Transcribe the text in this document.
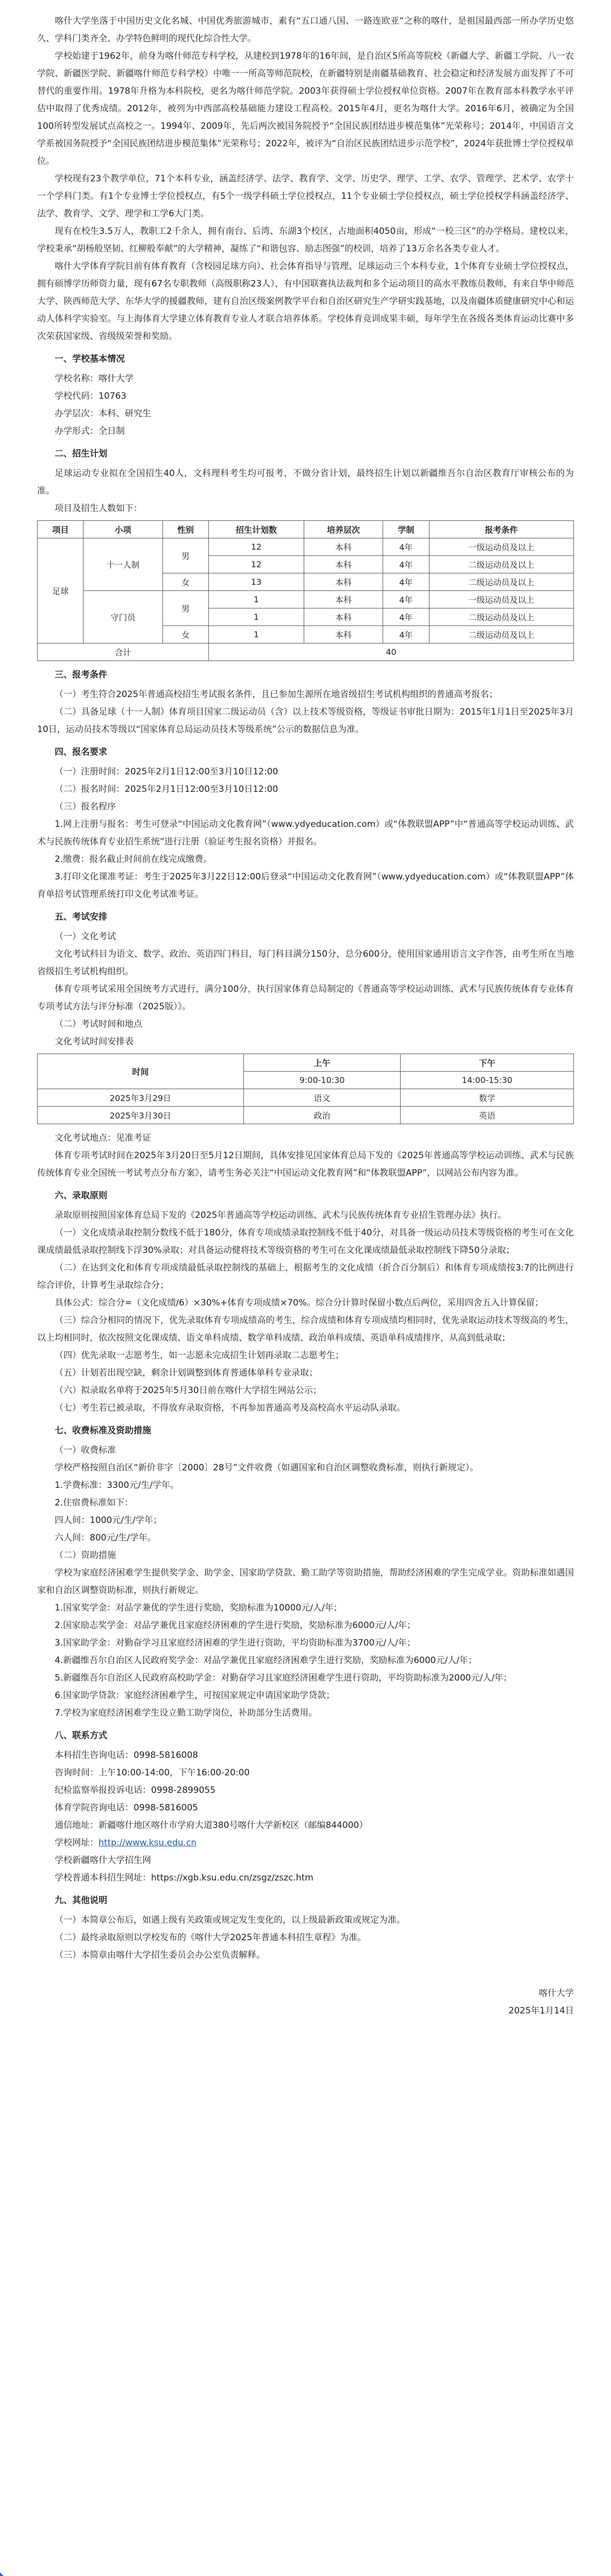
喀什大学坐落于中国历史文化名城、中国优秀旅游城市，素有“五口通八国、一路连欧亚”之称的喀什，是祖国最西部一所办学历史悠久、学科门类齐全、办学特色鲜明的现代化综合性大学。

学校始建于1962年，前身为喀什师范专科学校，从建校到1978年的16年间，是自治区5所高等院校（新疆大学、新疆工学院、八一农学院、新疆医学院、新疆喀什师范专科学校）中唯一一所高等师范院校，在新疆特别是南疆基础教育、社会稳定和经济发展方面发挥了不可替代的重要作用。1978年升格为本科院校，更名为喀什师范学院。2003年获得硕士学位授权单位资格。2007年在教育部本科教学水平评估中取得了优秀成绩。2012年，被列为中西部高校基础能力建设工程高校。2015年4月，更名为喀什大学。2016年6月，被确定为全国100所转型发展试点高校之一。1994年、2009年，先后两次被国务院授予“全国民族团结进步模范集体”光荣称号；2014年，中国语言文学系被国务院授予“全国民族团结进步模范集体”光荣称号；2022年，被评为“自治区民族团结进步示范学校”，2024年获批博士学位授权单位。

学校现有23个教学单位，71个本科专业，涵盖经济学、法学、教育学、文学、历史学、理学、工学、农学、管理学、艺术学、农学十一个学科门类。有1个专业博士学位授权点，有5个一级学科硕士学位授权点，11个专业硕士学位授权点，硕士学位授权学科涵盖经济学、法学、教育学、文学、理学和工学6大门类。

现有在校生3.5万人，教职工2千余人，拥有南台、后湾、东湖3个校区，占地面积4050亩，形成“一校三区”的办学格局。建校以来，学校秉承“胡杨般坚韧、红柳般奉献”的大学精神，凝练了“和谐包容、励志图强”的校训，培养了13万余名各类专业人才。

喀什大学体育学院目前有体育教育（含校园足球方向）、社会体育指导与管理、足球运动三个本科专业，1个体育专业硕士学位授权点，拥有硕博学历师资力量，现有67名专职教师（高级职称23人），有中国联赛执法裁判和多个运动项目的高水平教练员教师，有来自华中师范大学、陕西师范大学、东华大学的援疆教师，建有自治区级案例教学平台和自治区研究生产学研实践基地，以及南疆体质健康研究中心和运动人体科学实验室。与上海体育大学建立体育教育专业人才联合培养体系。学校体育竞训成果丰硕，每年学生在各级各类体育运动比赛中多次荣获国家级、省级级荣誉和奖励。

一、学校基本情况

学校名称：喀什大学

学校代码：10763

办学层次：本科、研究生

办学形式：全日制

二、招生计划

足球运动专业拟在全国招生40人，文科理科考生均可报考，不做分省计划，最终招生计划以新疆维吾尔自治区教育厅审核公布的为准。

项目及招生人数如下：

项目	小项	性别	招生计划数	培养层次	学制	报考条件
足球	十一人制	男	12	本科	4年	一级运动员及以上
			12	本科	4年	二级运动员及以上
		女	13	本科	4年	二级运动员及以上
	守门员	男	1	本科	4年	一级运动员及以上
			1	本科	4年	二级运动员及以上
		女	1	本科	4年	二级运动员及以上
合计			40			
三、报考条件

（一）考生符合2025年普通高校招生考试报名条件，且已参加生源所在地省级招生考试机构组织的普通高考报名；

（二）具备足球（十一人制）体育项目国家二级运动员（含）以上技术等级资格，等级证书审批日期为：2015年1月1日至2025年3月10日，运动员技术等级以“国家体育总局运动员技术等级系统”公示的数据信息为准。

四、报名要求

（一）注册时间：2025年2月1日12:00至3月10日12:00

（二）报名时间：2025年2月1日12:00至3月10日12:00

（三）报名程序

1.网上注册与报名：考生可登录“中国运动文化教育网”（www.ydyeducation.com）或“体教联盟APP”中“普通高等学校运动训练、武术与民族传统体育专业招生系统”进行注册（验证考生报名资格）并报名。

2.缴费：报名截止时间前在线完成缴费。

3.打印文化课准考证：考生于2025年3月22日12:00后登录“中国运动文化教育网”（www.ydyeducation.com）或“体教联盟APP”体育单招考试管理系统打印文化考试准考证。

五、考试安排

（一）文化考试

文化考试科目为语文、数学、政治、英语四门科目，每门科目满分150分，总分600分，使用国家通用语言文字作答，由考生所在当地省级招生考试机构组织。

体育专项考试采用全国统考方式进行，满分100分，执行国家体育总局制定的《普通高等学校运动训练、武术与民族传统体育专业体育专项考试方法与评分标准（2025版）》。

（二）考试时间和地点

文化考试时间安排表

时间	上午	下午
	9:00-10:30	14:00-15:30
2025年3月29日	语文	数学
2025年3月30日	政治	英语

文化考试地点：见准考证

体育专项考试时间在2025年3月20日至5月12日期间，具体安排见国家体育总局下发的《2025年普通高等学校运动训练、武术与民族传统体育专业全国统一考试考点分布方案》，请考生务必关注“中国运动文化教育网”和“体教联盟APP”，以网站公布内容为准。

六、录取原则

录取原则按照国家体育总局下发的《2025年普通高等学校运动训练、武术与民族传统体育专业招生管理办法》执行。

（一）文化成绩录取控制分数线不低于180分，体育专项成绩录取控制线不低于40分，对具备一级运动员技术等级资格的考生可在文化课成绩最低录取控制线下浮30%录取；对具备运动健将技术等级资格的考生可在文化课成绩最低录取控制线下降50分录取；

（二）在达到文化和体育专项成绩最低录取控制线的基础上，根据考生的文化成绩（折合百分制后）和体育专项成绩按3:7的比例进行综合评价，计算考生录取综合分；

具体公式：综合分=（文化成绩/6）×30%+体育专项成绩×70%。综合分计算时保留小数点后两位，采用四舍五入计算保留；

（三）综合分相同的情况下，优先录取体育专项成绩高的考生，综合成绩和体育专项成绩均相同时，优先录取运动技术等级高的考生，以上均相同时，依次按照文化课成绩、语文单科成绩、数学单科成绩、政治单科成绩、英语单科成绩排序，从高到低录取；

（四）优先录取一志愿考生，如一志愿未完成招生计划再录取二志愿考生；

（五）计划若出现空缺，剩余计划调整到体育普通体单科专业录取；

（六）拟录取名单将于2025年5月30日前在喀什大学招生网站公示；

（七）考生若已被录取，不得放弃录取资格，不再参加普通高考及高校高水平运动队录取。

七、收费标准及资助措施

（一）收费标准

学校严格按照自治区“新价非字〔2000〕28号”文件收费（如遇国家和自治区调整收费标准，则执行新规定）。

1.学费标准：3300元/生/学年。

2.住宿费标准如下：

四人间：1000元/生/学年；

六人间：800元/生/学年。

（二）资助措施

学校为家庭经济困难学生提供奖学金、助学金、国家助学贷款、勤工助学等资助措施，帮助经济困难的学生完成学业。资助标准如遇国家和自治区调整资助标准，则执行新规定。

1.国家奖学金：对品学兼优的学生进行奖励，奖励标准为10000元/人/年；

2.国家励志奖学金：对品学兼优且家庭经济困难的学生进行奖励，奖励标准为6000元/人/年；

3.国家助学金：对勤奋学习且家庭经济困难的学生进行资助，平均资助标准为3700元/人/年；

4.新疆维吾尔自治区人民政府奖学金：对品学兼优且家庭经济困难学生进行奖励，奖励标准为6000元/人/年；

5.新疆维吾尔自治区人民政府高校助学金：对勤奋学习且家庭经济困难学生进行资助，平均资助标准为2000元/人/年；

6.国家助学贷款：家庭经济困难学生，可按国家规定申请国家助学贷款；

7.学校为家庭经济困难学生设立勤工助学岗位，补助部分生活费用。

八、联系方式

本科招生咨询电话：0998-5816008

咨询时间：上午10:00-14:00，下午16:00-20:00

纪检监察举报投诉电话：0998-2899055

体育学院咨询电话：0998-5816005

通信地址：新疆喀什地区喀什市学府大道380号喀什大学新校区（邮编844000）

学校网址：http://www.ksu.edu.cn

学校新疆喀什大学招生网

学校普通本科招生网址：https://xgb.ksu.edu.cn/zsgz/zszc.htm

九、其他说明

（一）本简章公布后，如遇上级有关政策或规定发生变化的，以上级最新政策或规定为准。

（二）最终录取原则以学校发布的《喀什大学2025年普通本科招生章程》为准。

（三）本简章由喀什大学招生委员会办公室负责解释。

喀什大学

2025年1月14日
